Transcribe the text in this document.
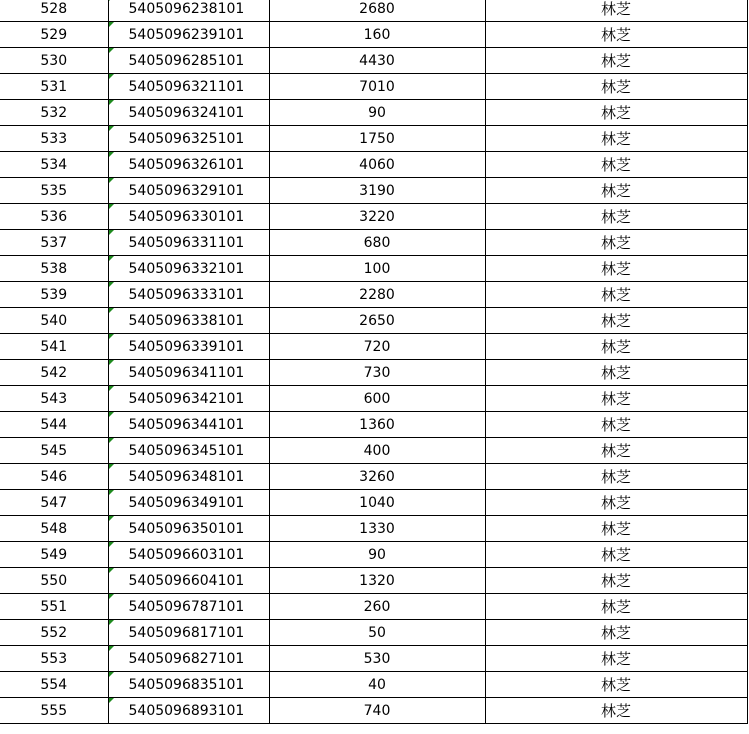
528	5405096238101	2680	林芝
529	5405096239101	160	林芝
530	5405096285101	4430	林芝
531	5405096321101	7010	林芝
532	5405096324101	90	林芝
533	5405096325101	1750	林芝
534	5405096326101	4060	林芝
535	5405096329101	3190	林芝
536	5405096330101	3220	林芝
537	5405096331101	680	林芝
538	5405096332101	100	林芝
539	5405096333101	2280	林芝
540	5405096338101	2650	林芝
541	5405096339101	720	林芝
542	5405096341101	730	林芝
543	5405096342101	600	林芝
544	5405096344101	1360	林芝
545	5405096345101	400	林芝
546	5405096348101	3260	林芝
547	5405096349101	1040	林芝
548	5405096350101	1330	林芝
549	5405096603101	90	林芝
550	5405096604101	1320	林芝
551	5405096787101	260	林芝
552	5405096817101	50	林芝
553	5405096827101	530	林芝
554	5405096835101	40	林芝
555	5405096893101	740	林芝
